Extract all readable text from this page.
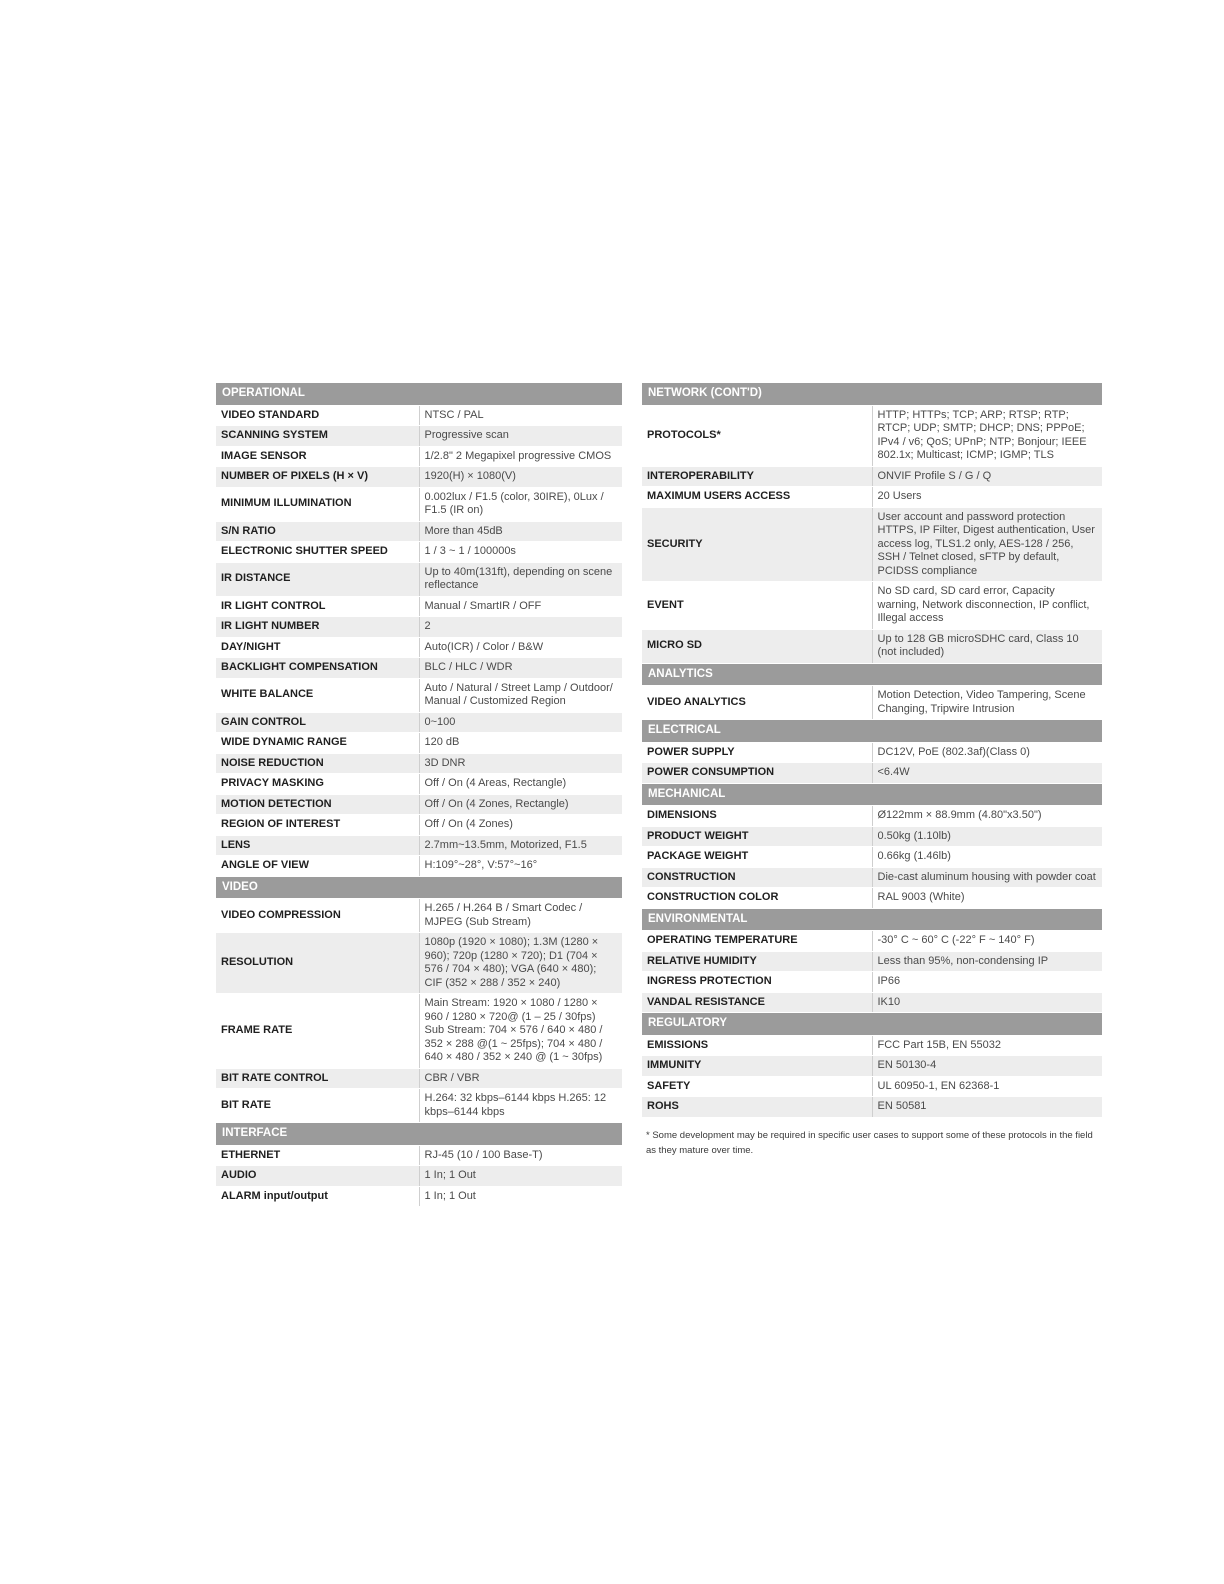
OPERATIONAL	
VIDEO STANDARD	NTSC / PAL
SCANNING SYSTEM	Progressive scan
IMAGE SENSOR	1/2.8" 2 Megapixel progressive CMOS
NUMBER OF PIXELS (H × V)	1920(H) × 1080(V)
MINIMUM ILLUMINATION	0.002lux / F1.5 (color, 30IRE), 0Lux / F1.5 (IR on)
S/N RATIO	More than 45dB
ELECTRONIC SHUTTER SPEED	1 / 3 ~ 1 / 100000s
IR DISTANCE	Up to 40m(131ft), depending on scene reflectance
IR LIGHT CONTROL	Manual / SmartIR / OFF
IR LIGHT NUMBER	2
DAY/NIGHT	Auto(ICR) / Color / B&W
BACKLIGHT COMPENSATION	BLC / HLC / WDR
WHITE BALANCE	Auto / Natural / Street Lamp / Outdoor/ Manual / Customized Region
GAIN CONTROL	0~100
WIDE DYNAMIC RANGE	120 dB
NOISE REDUCTION	3D DNR
PRIVACY MASKING	Off / On (4 Areas, Rectangle)
MOTION DETECTION	Off / On (4 Zones, Rectangle)
REGION OF INTEREST	Off / On (4 Zones)
LENS	2.7mm~13.5mm, Motorized, F1.5
ANGLE OF VIEW	H:109°~28°, V:57°~16°
VIDEO	
VIDEO COMPRESSION	H.265 / H.264 B / Smart Codec / MJPEG (Sub Stream)
RESOLUTION	1080p (1920 × 1080); 1.3M (1280 × 960); 720p (1280 × 720); D1 (704 × 576 / 704 × 480); VGA (640 × 480); CIF (352 × 288 / 352 × 240)
FRAME RATE	Main Stream: 1920 × 1080 / 1280 × 960 / 1280 × 720@ (1 – 25 / 30fps) Sub Stream: 704 × 576 / 640 × 480 / 352 × 288 @(1 ~ 25fps); 704 × 480 / 640 × 480 / 352 × 240 @ (1 ~ 30fps)
BIT RATE CONTROL	CBR / VBR
BIT RATE	H.264: 32 kbps–6144 kbps H.265: 12 kbps–6144 kbps
INTERFACE	
ETHERNET	RJ-45 (10 / 100 Base-T)
AUDIO	1 In; 1 Out
ALARM input/output	1 In; 1 Out
NETWORK (CONT'D)	
PROTOCOLS*	HTTP; HTTPs; TCP; ARP; RTSP; RTP; RTCP; UDP; SMTP; DHCP; DNS; PPPoE; IPv4 / v6; QoS; UPnP; NTP; Bonjour; IEEE 802.1x; Multicast; ICMP; IGMP; TLS
INTEROPERABILITY	ONVIF Profile S / G / Q
MAXIMUM USERS ACCESS	20 Users
SECURITY	User account and password protection HTTPS, IP Filter, Digest authentication, User access log, TLS1.2 only, AES-128 / 256, SSH / Telnet closed, sFTP by default, PCIDSS compliance
EVENT	No SD card, SD card error, Capacity warning, Network disconnection, IP conflict, Illegal access
MICRO SD	Up to 128 GB microSDHC card, Class 10 (not included)
ANALYTICS	
VIDEO ANALYTICS	Motion Detection, Video Tampering, Scene Changing, Tripwire Intrusion
ELECTRICAL	
POWER SUPPLY	DC12V, PoE (802.3af)(Class 0)
POWER CONSUMPTION	<6.4W
MECHANICAL	
DIMENSIONS	Ø122mm × 88.9mm (4.80"x3.50")
PRODUCT WEIGHT	0.50kg (1.10lb)
PACKAGE WEIGHT	0.66kg (1.46lb)
CONSTRUCTION	Die-cast aluminum housing with powder coat
CONSTRUCTION COLOR	RAL 9003 (White)
ENVIRONMENTAL	
OPERATING TEMPERATURE	-30° C ~ 60° C (-22° F ~ 140° F)
RELATIVE HUMIDITY	Less than 95%, non-condensing IP
INGRESS PROTECTION	IP66
VANDAL RESISTANCE	IK10
REGULATORY	
EMISSIONS	FCC Part 15B, EN 55032
IMMUNITY	EN 50130-4
SAFETY	UL 60950-1, EN 62368-1
ROHS	EN 50581
* Some development may be required in specific user cases to support some of these protocols in the field as they mature over time.
